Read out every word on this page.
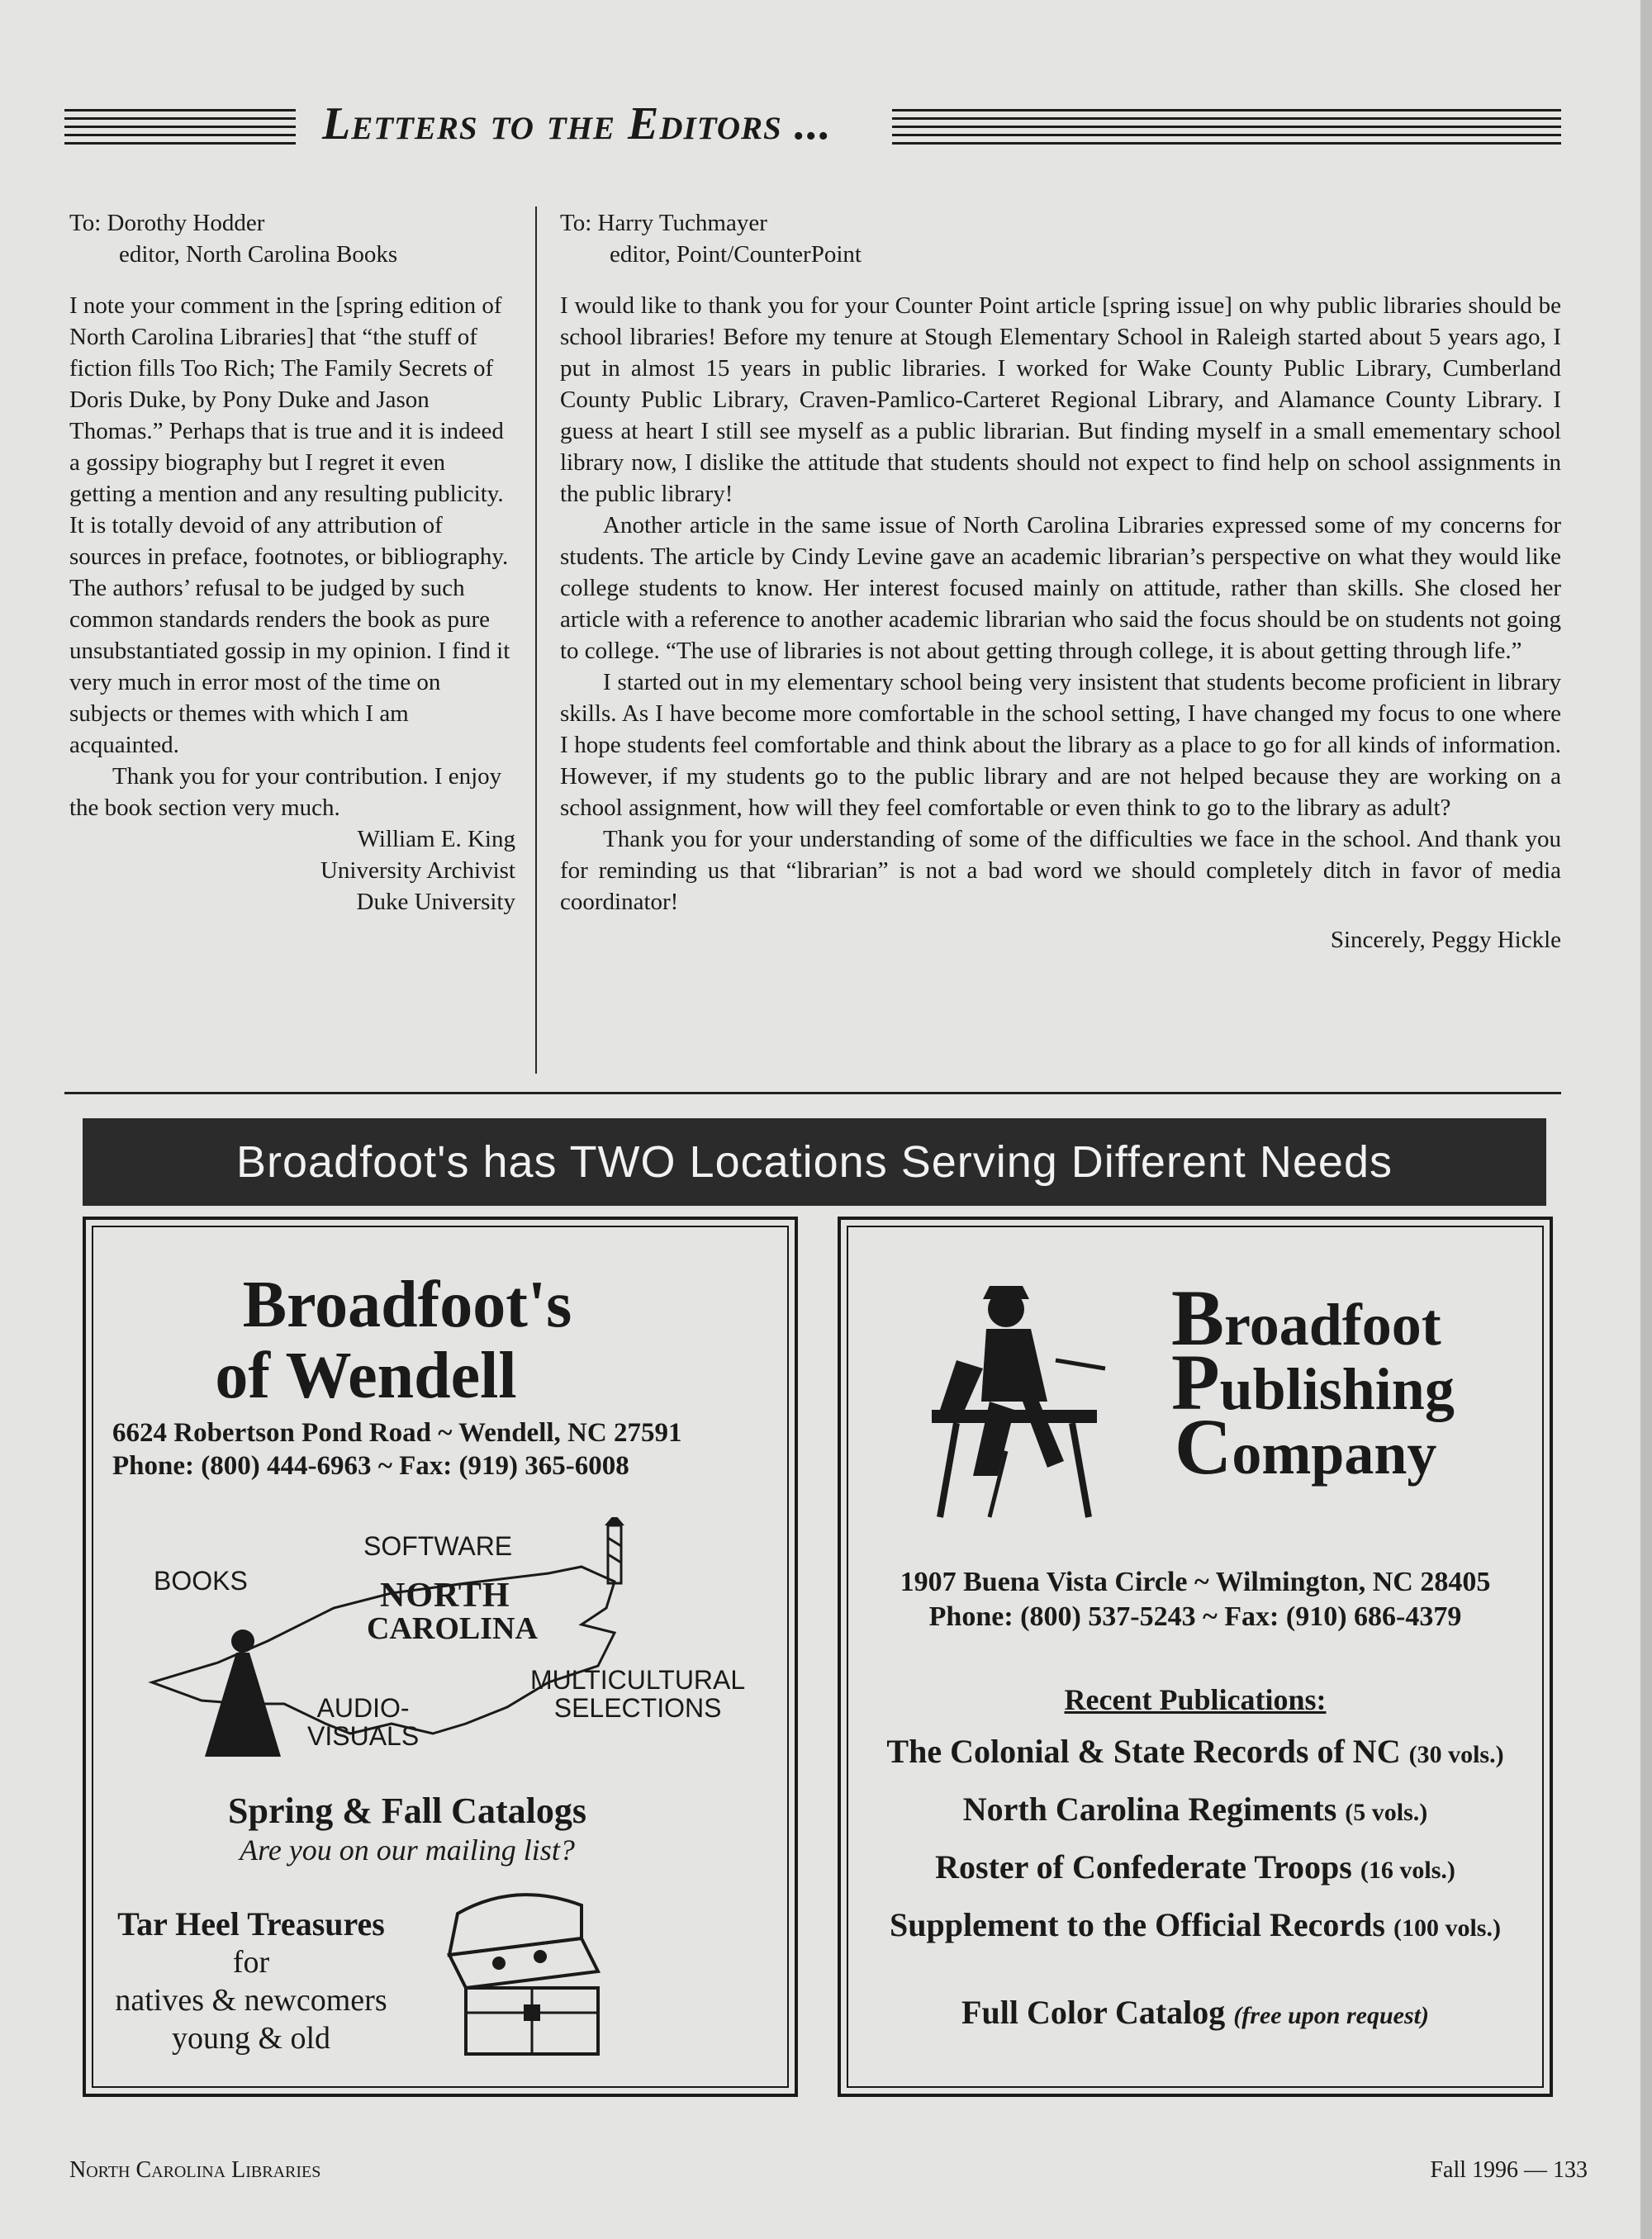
Letters to the Editors ...

To: Dorothy Hodder

editor, North Carolina Books

I note your comment in the [spring edition of North Carolina Libraries] that “the stuff of fiction fills Too Rich; The Family Secrets of Doris Duke, by Pony Duke and Jason Thomas.” Perhaps that is true and it is indeed a gossipy biography but I regret it even getting a mention and any resulting publicity. It is totally devoid of any attribution of sources in preface, footnotes, or bibliography. The authors’ refusal to be judged by such common standards renders the book as pure unsubstantiated gossip in my opinion. I find it very much in error most of the time on subjects or themes with which I am acquainted.

Thank you for your contribution. I enjoy the book section very much.

William E. King

University Archivist

Duke University

To: Harry Tuchmayer

editor, Point/CounterPoint

I would like to thank you for your Counter Point article [spring issue] on why public libraries should be school libraries! Before my tenure at Stough Elementary School in Raleigh started about 5 years ago, I put in almost 15 years in public libraries. I worked for Wake County Public Library, Cumberland County Public Library, Craven-Pamlico-Carteret Regional Library, and Alamance County Library. I guess at heart I still see myself as a public librarian. But finding myself in a small emementary school library now, I dislike the attitude that students should not expect to find help on school assignments in the public library!

Another article in the same issue of North Carolina Libraries expressed some of my concerns for students. The article by Cindy Levine gave an academic librarian’s perspective on what they would like college students to know. Her interest focused mainly on attitude, rather than skills. She closed her article with a reference to another academic librarian who said the focus should be on students not going to college. “The use of libraries is not about getting through college, it is about getting through life.”

I started out in my elementary school being very insistent that students become proficient in library skills. As I have become more comfortable in the school setting, I have changed my focus to one where I hope students feel comfortable and think about the library as a place to go for all kinds of information. However, if my students go to the public library and are not helped because they are working on a school assignment, how will they feel comfortable or even think to go to the library as adult?

Thank you for your understanding of some of the difficulties we face in the school. And thank you for reminding us that “librarian” is not a bad word we should completely ditch in favor of media coordinator!

Sincerely, Peggy Hickle

Broadfoot's has TWO Locations Serving Different Needs
Broadfoot's
of Wendell
6624 Robertson Pond Road ~ Wendell, NC 27591
Phone: (800) 444-6963 ~ Fax: (919) 365-6008
SOFTWARE
BOOKS	NORTH
CAROLINA
MULTICULTURAL
SELECTIONS
AUDIO-
VISUALS
Spring & Fall Catalogs
Are you on our mailing list?
Tar Heel Treasures
for
natives & newcomers
young & old
Broadfoot
Publishing
Company
1907 Buena Vista Circle ~ Wilmington, NC 28405
Phone: (800) 537-5243 ~ Fax: (910) 686-4379
Recent Publications:
The Colonial & State Records of NC (30 vols.)
North Carolina Regiments (5 vols.)
Roster of Confederate Troops (16 vols.)
Supplement to the Official Records (100 vols.)
Full Color Catalog (free upon request)
North Carolina Libraries	Fall 1996 — 133
